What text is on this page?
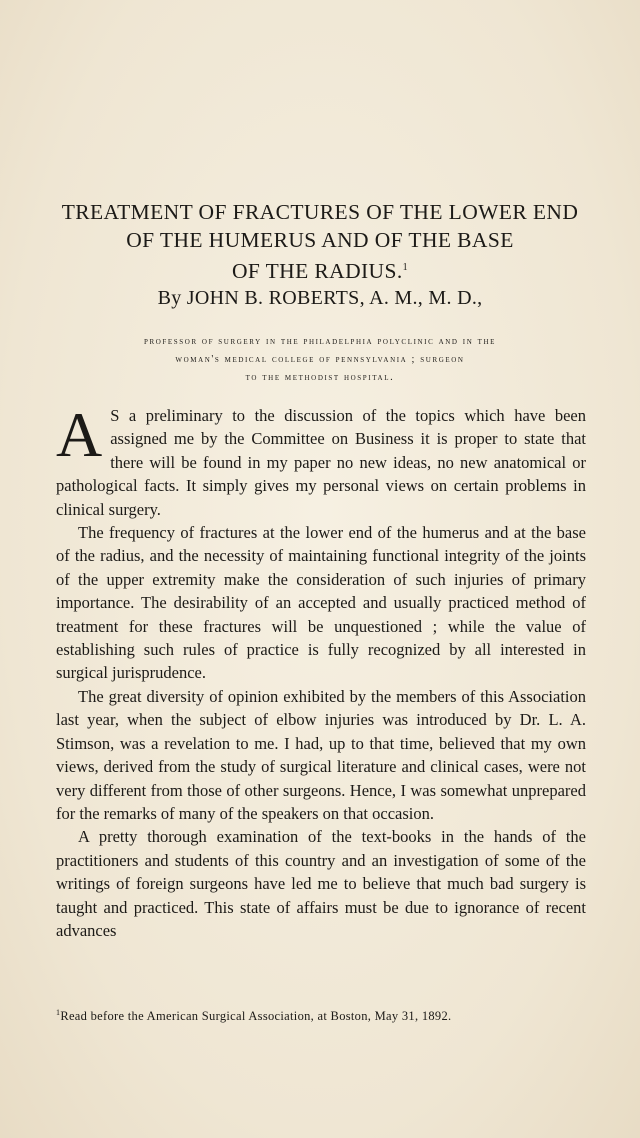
TREATMENT OF FRACTURES OF THE LOWER END
OF THE HUMERUS AND OF THE BASE
OF THE RADIUS.$^1$
By JOHN B. ROBERTS, A. M., M. D.,
professor of surgery in the philadelphia polyclinic and in the
woman's medical college of pennsylvania ; surgeon
to the methodist hospital.

A S a preliminary to the discussion of the topics which have been assigned me by the Committee on Business it is proper to state that there will be found in my paper no new ideas, no new anatomical or pathological facts. It simply gives my personal views on certain problems in clinical surgery.

The frequency of fractures at the lower end of the humerus and at the base of the radius, and the necessity of maintaining functional integrity of the joints of the upper extremity make the consideration of such injuries of primary importance. The desirability of an accepted and usually practiced method of treatment for these fractures will be unquestioned ; while the value of establishing such rules of practice is fully recognized by all interested in surgical jurisprudence.

The great diversity of opinion exhibited by the members of this Association last year, when the subject of elbow injuries was introduced by Dr. L. A. Stimson, was a revelation to me. I had, up to that time, believed that my own views, derived from the study of surgical literature and clinical cases, were not very different from those of other surgeons. Hence, I was somewhat unprepared for the remarks of many of the speakers on that occasion.

A pretty thorough examination of the text-books in the hands of the practitioners and students of this country and an investigation of some of the writings of foreign surgeons have led me to believe that much bad surgery is taught and practiced. This state of affairs must be due to ignorance of recent advances

$^1$Read before the American Surgical Association, at Boston, May 31, 1892.
